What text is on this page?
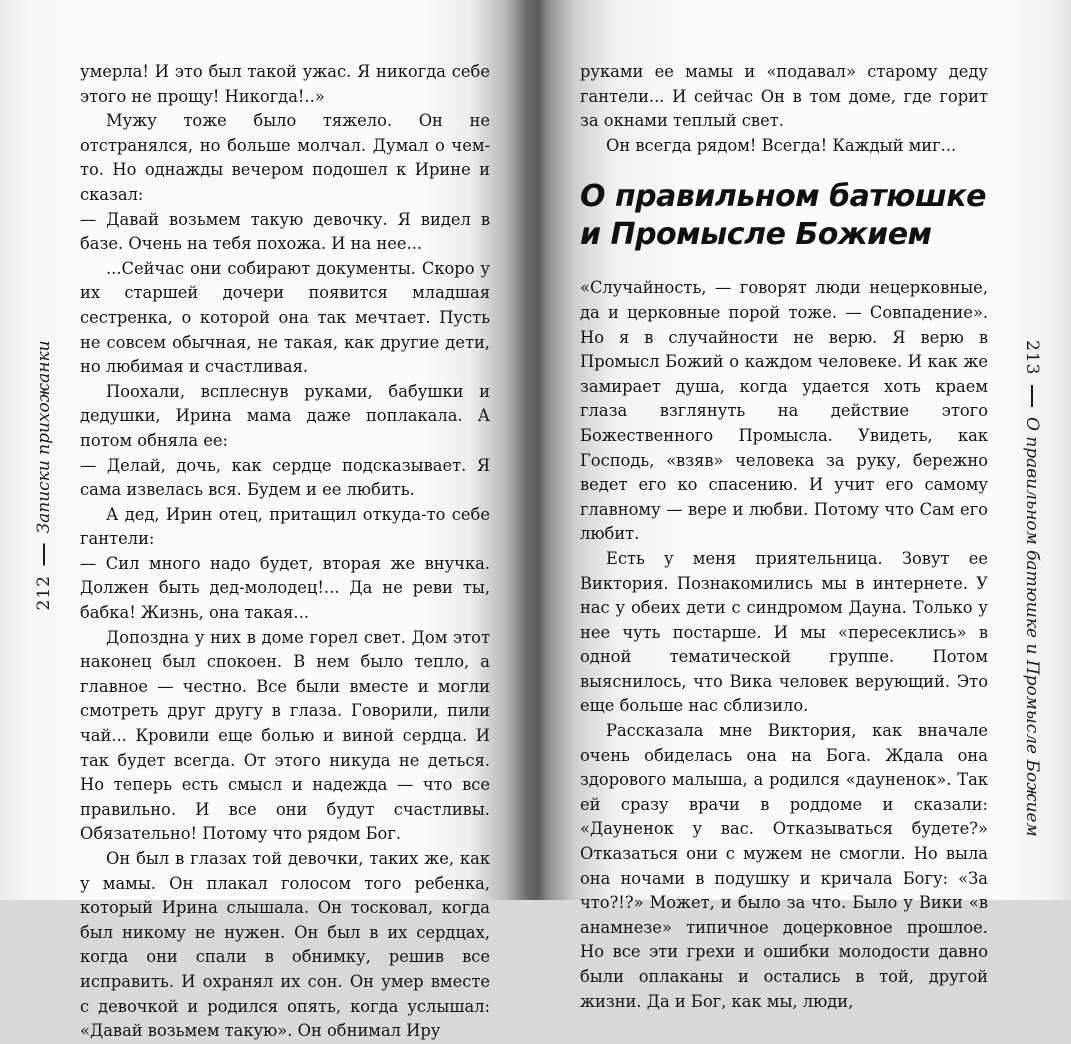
212
Записки прихожанки

умерла! И это был такой ужас. Я никогда себе этого не прощу! Никогда!..»

Мужу тоже было тяжело. Он не отстранялся, но больше молчал. Думал о чем-то. Но однажды вечером подошел к Ирине и сказал:

— Давай возьмем такую девочку. Я видел в базе. Очень на тебя похожа. И на нее...

...Сейчас они собирают документы. Скоро у их старшей дочери появится младшая сестренка, о которой она так мечтает. Пусть не совсем обычная, не такая, как другие дети, но любимая и счастливая.

Поохали, всплеснув руками, бабушки и дедушки, Ирина мама даже поплакала. А потом обняла ее:

— Делай, дочь, как сердце подсказывает. Я сама извелась вся. Будем и ее любить.

А дед, Ирин отец, притащил откуда-то себе гантели:

— Сил много надо будет, вторая же внучка. Должен быть дед-молодец!... Да не реви ты, бабка! Жизнь, она такая...

Допоздна у них в доме горел свет. Дом этот наконец был спокоен. В нем было тепло, а главное — честно. Все были вместе и могли смотреть друг другу в глаза. Говорили, пили чай... Кровили еще болью и виной сердца. И так будет всегда. От этого никуда не деться. Но теперь есть смысл и надежда — что все правильно. И все они будут счастливы. Обязательно! Потому что рядом Бог.

Он был в глазах той девочки, таких же, как у мамы. Он плакал голосом того ребенка, который Ирина слышала. Он тосковал, когда был никому не нужен. Он был в их сердцах, когда они спали в обнимку, решив все исправить. И охранял их сон. Он умер вместе с девочкой и родился опять, когда услышал: «Давай возьмем такую». Он обнимал Иру

руками ее мамы и «подавал» старому деду гантели... И сейчас Он в том доме, где горит за окнами теплый свет.

Он всегда рядом! Всегда! Каждый миг...

О правильном батюшке
и Промысле Божием

«Случайность, — говорят люди нецерковные, да и церковные порой тоже. — Совпадение». Но я в случайности не верю. Я верю в Промысл Божий о каждом человеке. И как же замирает душа, когда удается хоть краем глаза взглянуть на действие этого Божественного Промысла. Увидеть, как Господь, «взяв» человека за руку, бережно ведет его ко спасению. И учит его самому главному — вере и любви. Потому что Сам его любит.

Есть у меня приятельница. Зовут ее Виктория. Познакомились мы в интернете. У нас у обеих дети с синдромом Дауна. Только у нее чуть постарше. И мы «пересеклись» в одной тематической группе. Потом выяснилось, что Вика человек верующий. Это еще больше нас сблизило.

Рассказала мне Виктория, как вначале очень обиделась она на Бога. Ждала она здорового малыша, а родился «дауненок». Так ей сразу врачи в роддоме и сказали: «Дауненок у вас. Отказываться будете?» Отказаться они с мужем не смогли. Но выла она ночами в подушку и кричала Богу: «За что?!?» Может, и было за что. Было у Вики «в анамнезе» типичное доцерковное прошлое. Но все эти грехи и ошибки молодости давно были оплаканы и остались в той, другой жизни. Да и Бог, как мы, люди,

213
О правильном батюшке и Промысле Божием
